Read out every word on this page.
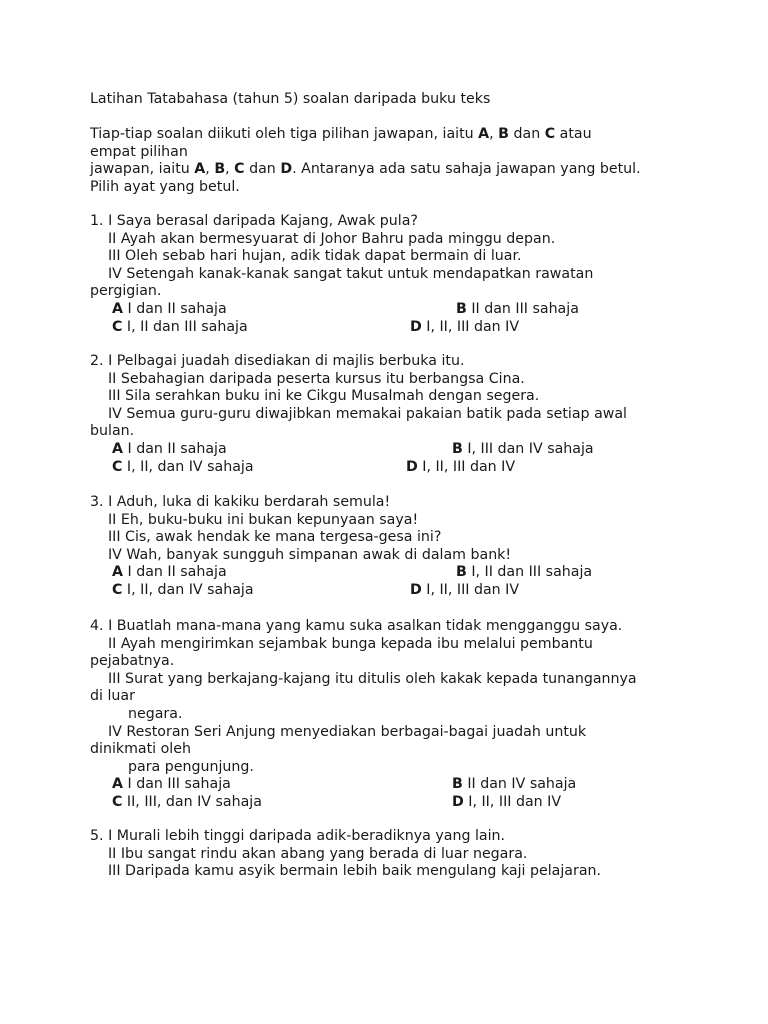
Latihan Tatabahasa (tahun 5) soalan daripada buku teks
Tiap-tiap soalan diikuti oleh tiga pilihan jawapan, iaitu A, B dan C atau
empat pilihan
jawapan, iaitu A, B, C dan D. Antaranya ada satu sahaja jawapan yang betul.
Pilih ayat yang betul.
1. I Saya berasal daripada Kajang, Awak pula?
II Ayah akan bermesyuarat di Johor Bahru pada minggu depan.
III Oleh sebab hari hujan, adik tidak dapat bermain di luar.
IV Setengah kanak-kanak sangat takut untuk mendapatkan rawatan
pergigian.
A I dan II sahaja	B II dan III sahaja
C I, II dan III sahaja	D I, II, III dan IV
2. I Pelbagai juadah disediakan di majlis berbuka itu.
II Sebahagian daripada peserta kursus itu berbangsa Cina.
III Sila serahkan buku ini ke Cikgu Musalmah dengan segera.
IV Semua guru-guru diwajibkan memakai pakaian batik pada setiap awal
bulan.
A I dan II sahaja	B I, III dan IV sahaja
C I, II, dan IV sahaja	D I, II, III dan IV
3. I Aduh, luka di kakiku berdarah semula!
II Eh, buku-buku ini bukan kepunyaan saya!
III Cis, awak hendak ke mana tergesa-gesa ini?
IV Wah, banyak sungguh simpanan awak di dalam bank!
A I dan II sahaja	B I, II dan III sahaja
C I, II, dan IV sahaja	D I, II, III dan IV
4. I Buatlah mana-mana yang kamu suka asalkan tidak mengganggu saya.
II Ayah mengirimkan sejambak bunga kepada ibu melalui pembantu
pejabatnya.
III Surat yang berkajang-kajang itu ditulis oleh kakak kepada tunangannya
di luar
negara.
IV Restoran Seri Anjung menyediakan berbagai-bagai juadah untuk
dinikmati oleh
para pengunjung.
A I dan III sahaja	B II dan IV sahaja
C II, III, dan IV sahaja	D I, II, III dan IV
5. I Murali lebih tinggi daripada adik-beradiknya yang lain.
II Ibu sangat rindu akan abang yang berada di luar negara.
III Daripada kamu asyik bermain lebih baik mengulang kaji pelajaran.
